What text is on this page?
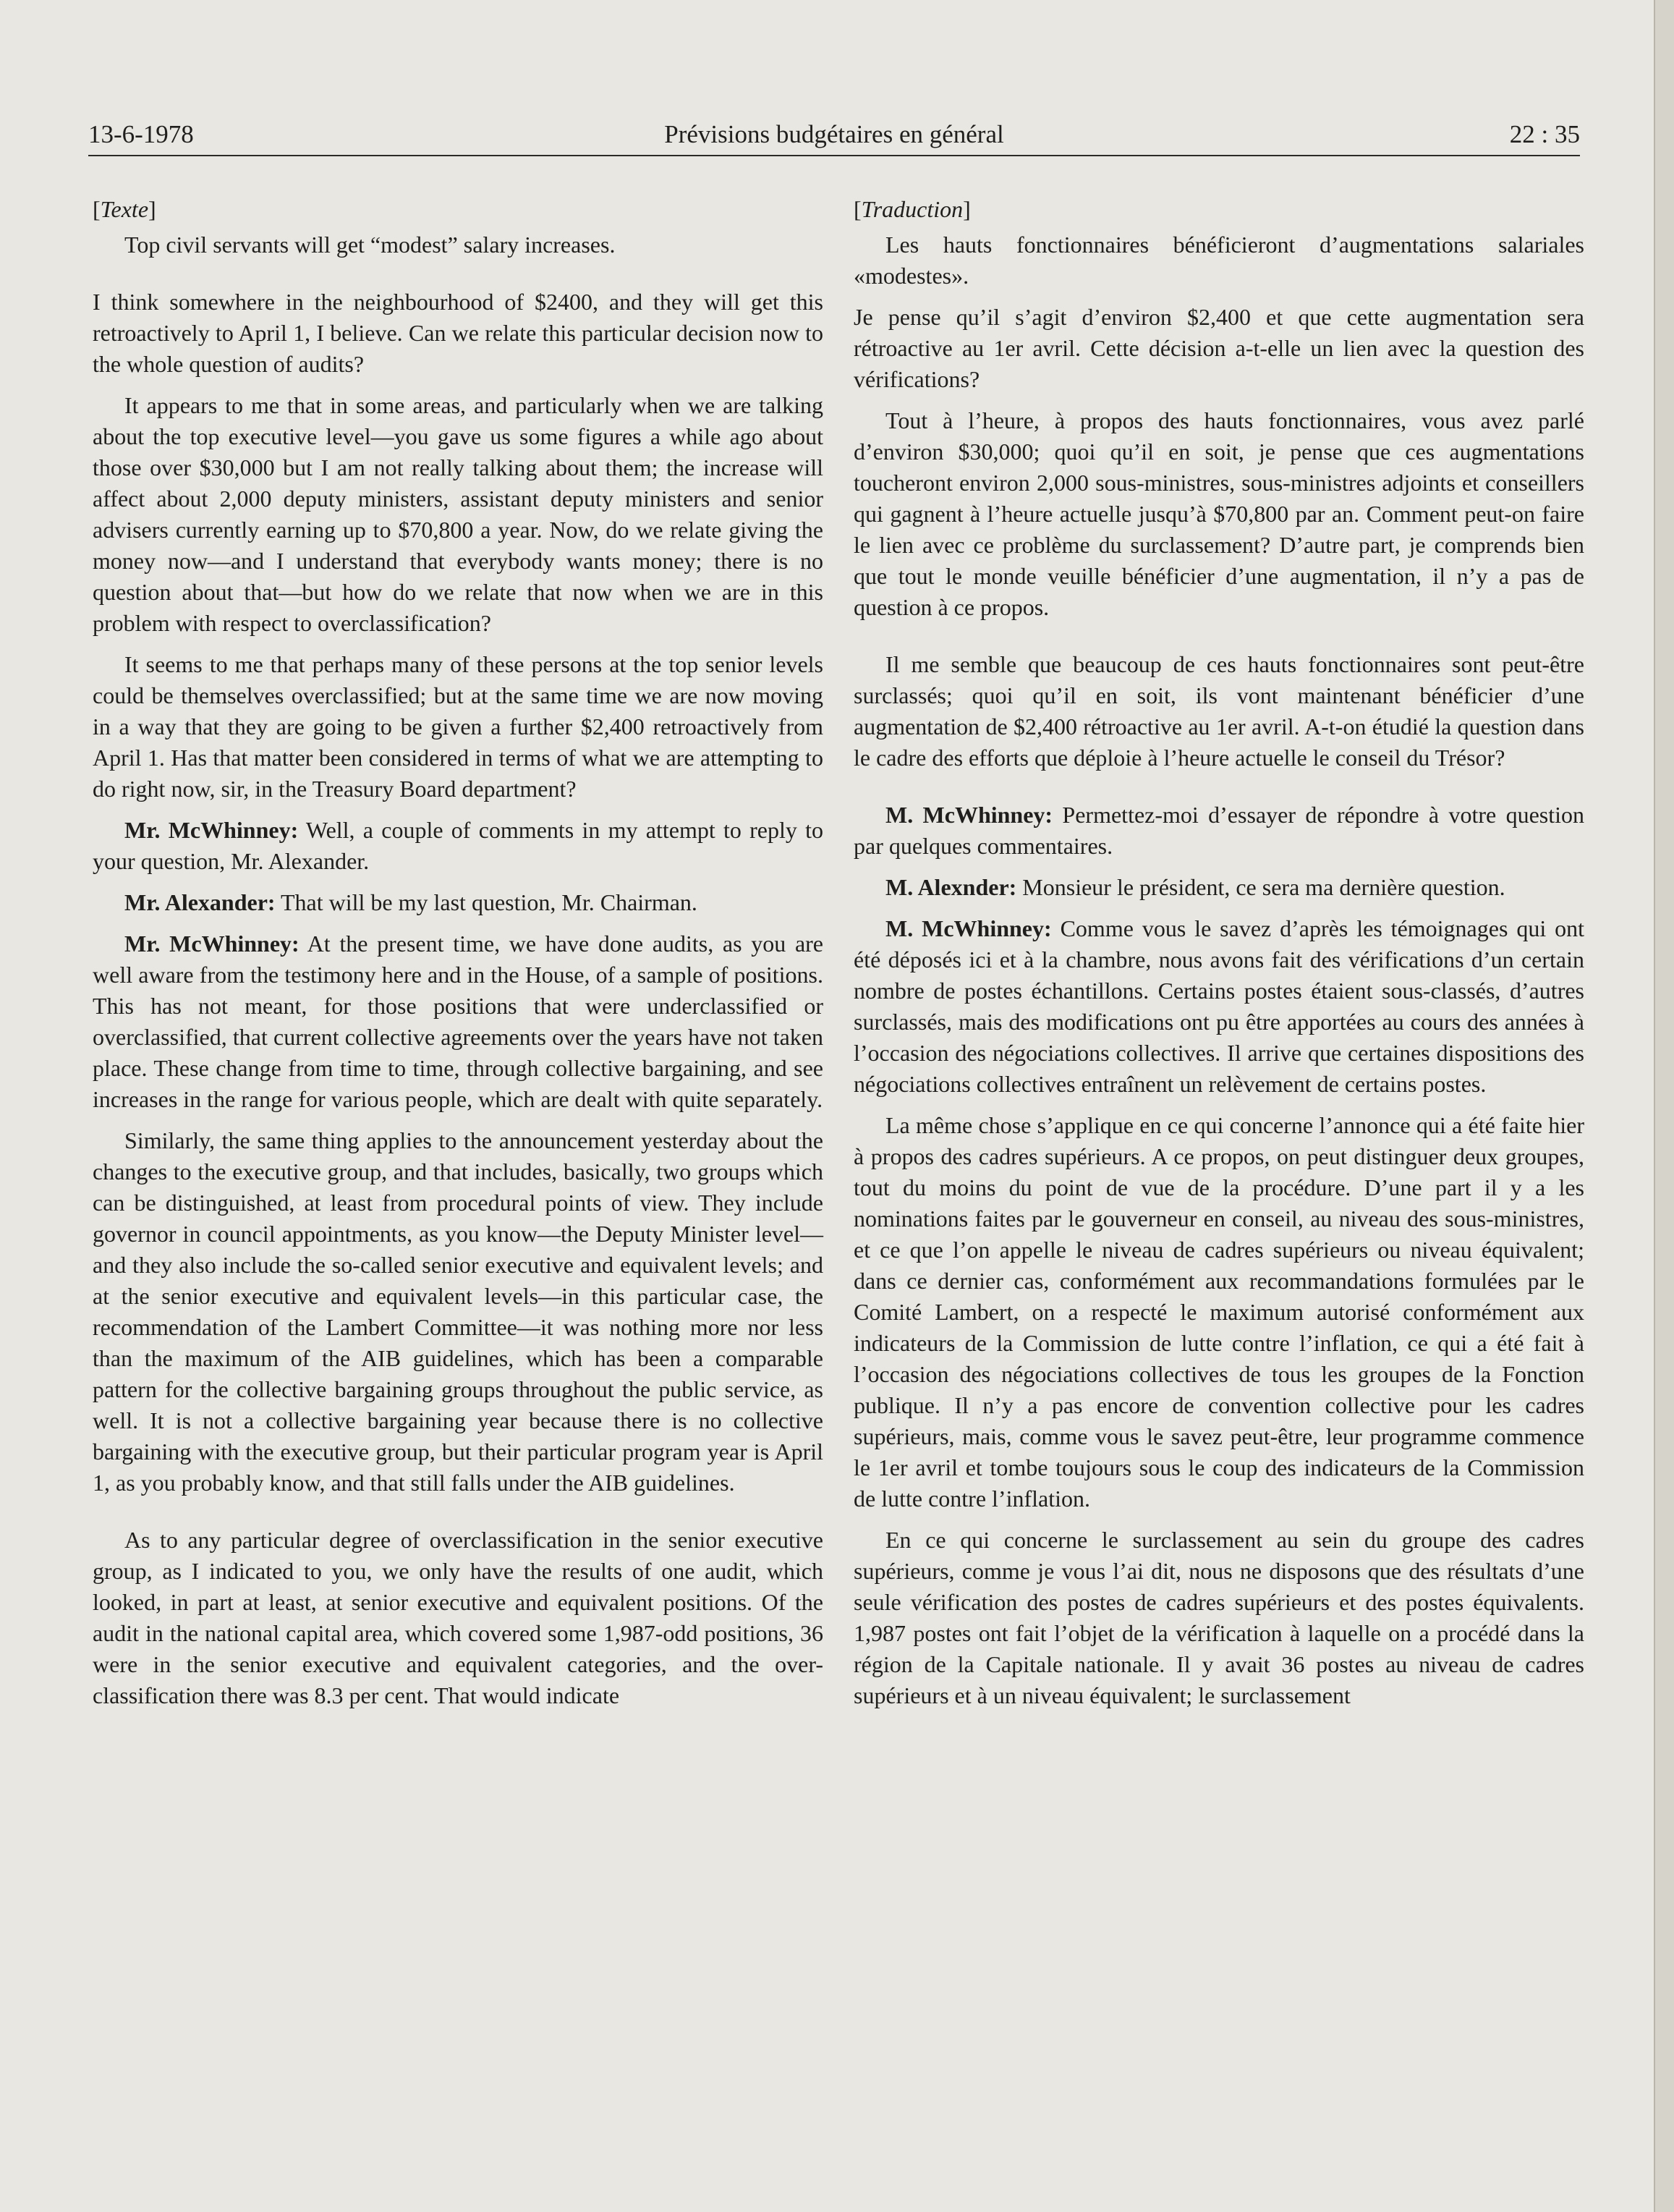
13-6-1978	Prévisions budgétaires en général	22 : 35

[Texte]

Top civil servants will get “modest” salary increases.

I think somewhere in the neighbourhood of $2400, and they will get this retroactively to April 1, I believe. Can we relate this particular decision now to the whole question of audits?

It appears to me that in some areas, and particularly when we are talking about the top executive level—you gave us some figures a while ago about those over $30,000 but I am not really talking about them; the increase will affect about 2,000 deputy ministers, assistant deputy ministers and senior advisers currently earning up to $70,800 a year. Now, do we relate giving the money now—and I understand that everybody wants money; there is no question about that—but how do we relate that now when we are in this problem with respect to overclassification?

It seems to me that perhaps many of these persons at the top senior levels could be themselves overclassified; but at the same time we are now moving in a way that they are going to be given a further $2,400 retroactively from April 1. Has that matter been considered in terms of what we are attempting to do right now, sir, in the Treasury Board department?

Mr. McWhinney: Well, a couple of comments in my attempt to reply to your question, Mr. Alexander.

Mr. Alexander: That will be my last question, Mr. Chairman.

Mr. McWhinney: At the present time, we have done audits, as you are well aware from the testimony here and in the House, of a sample of positions. This has not meant, for those positions that were underclassified or overclassified, that current collective agreements over the years have not taken place. These change from time to time, through collective bargaining, and see increases in the range for various people, which are dealt with quite separately.

Similarly, the same thing applies to the announcement yesterday about the changes to the executive group, and that includes, basically, two groups which can be distinguished, at least from procedural points of view. They include governor in council appointments, as you know—the Deputy Minister level—and they also include the so-called senior executive and equivalent levels; and at the senior executive and equivalent levels—in this particular case, the recommendation of the Lambert Committee—it was nothing more nor less than the maximum of the AIB guidelines, which has been a comparable pattern for the collective bargaining groups throughout the public service, as well. It is not a collective bargaining year because there is no collective bargaining with the executive group, but their particular program year is April 1, as you probably know, and that still falls under the AIB guidelines.

As to any particular degree of overclassification in the senior executive group, as I indicated to you, we only have the results of one audit, which looked, in part at least, at senior executive and equivalent positions. Of the audit in the national capital area, which covered some 1,987-odd positions, 36 were in the senior executive and equivalent categories, and the over-classification there was 8.3 per cent. That would indicate

[Traduction]

Les hauts fonctionnaires bénéficieront d’augmentations salariales «modestes».

Je pense qu’il s’agit d’environ $2,400 et que cette augmentation sera rétroactive au 1er avril. Cette décision a-t-elle un lien avec la question des vérifications?

Tout à l’heure, à propos des hauts fonctionnaires, vous avez parlé d’environ $30,000; quoi qu’il en soit, je pense que ces augmentations toucheront environ 2,000 sous-ministres, sous-ministres adjoints et conseillers qui gagnent à l’heure actuelle jusqu’à $70,800 par an. Comment peut-on faire le lien avec ce problème du surclassement? D’autre part, je comprends bien que tout le monde veuille bénéficier d’une augmentation, il n’y a pas de question à ce propos.

Il me semble que beaucoup de ces hauts fonctionnaires sont peut-être surclassés; quoi qu’il en soit, ils vont maintenant bénéficier d’une augmentation de $2,400 rétroactive au 1er avril. A-t-on étudié la question dans le cadre des efforts que déploie à l’heure actuelle le conseil du Trésor?

M. McWhinney: Permettez-moi d’essayer de répondre à votre question par quelques commentaires.

M. Alexnder: Monsieur le président, ce sera ma dernière question.

M. McWhinney: Comme vous le savez d’après les témoignages qui ont été déposés ici et à la chambre, nous avons fait des vérifications d’un certain nombre de postes échantillons. Certains postes étaient sous-classés, d’autres surclassés, mais des modifications ont pu être apportées au cours des années à l’occasion des négociations collectives. Il arrive que certaines dispositions des négociations collectives entraînent un relèvement de certains postes.

La même chose s’applique en ce qui concerne l’annonce qui a été faite hier à propos des cadres supérieurs. A ce propos, on peut distinguer deux groupes, tout du moins du point de vue de la procédure. D’une part il y a les nominations faites par le gouverneur en conseil, au niveau des sous-ministres, et ce que l’on appelle le niveau de cadres supérieurs ou niveau équivalent; dans ce dernier cas, conformément aux recommandations formulées par le Comité Lambert, on a respecté le maximum autorisé conformément aux indicateurs de la Commission de lutte contre l’inflation, ce qui a été fait à l’occasion des négociations collectives de tous les groupes de la Fonction publique. Il n’y a pas encore de convention collective pour les cadres supérieurs, mais, comme vous le savez peut-être, leur programme commence le 1er avril et tombe toujours sous le coup des indicateurs de la Commission de lutte contre l’inflation.

En ce qui concerne le surclassement au sein du groupe des cadres supérieurs, comme je vous l’ai dit, nous ne disposons que des résultats d’une seule vérification des postes de cadres supérieurs et des postes équivalents. 1,987 postes ont fait l’objet de la vérification à laquelle on a procédé dans la région de la Capitale nationale. Il y avait 36 postes au niveau de cadres supérieurs et à un niveau équivalent; le surclassement
